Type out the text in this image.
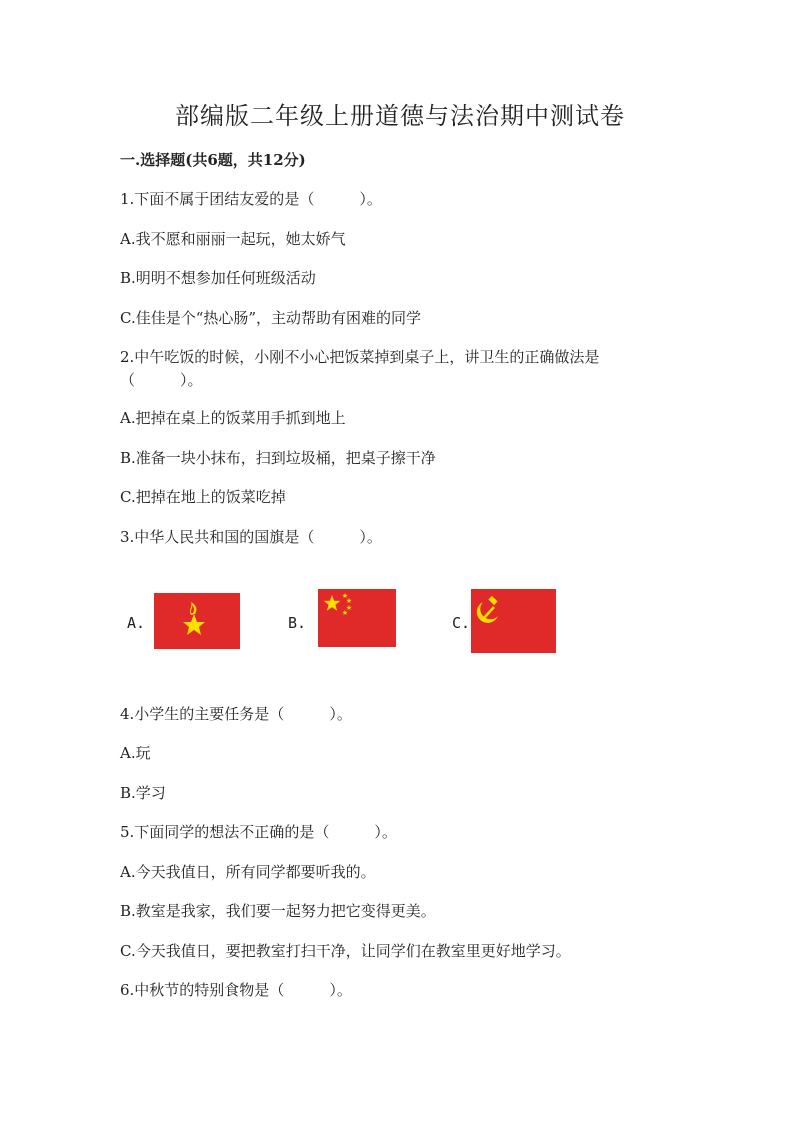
部编版二年级上册道德与法治期中测试卷

一.选择题(共6题，共12分)

1.下面不属于团结友爱的是（　　　）。

A.我不愿和丽丽一起玩，她太娇气

B.明明不想参加任何班级活动

C.佳佳是个“热心肠”，主动帮助有困难的同学

2.中午吃饭的时候，小刚不小心把饭菜掉到桌子上，讲卫生的正确做法是

（　　　）。

A.把掉在桌上的饭菜用手抓到地上

B.准备一块小抹布，扫到垃圾桶，把桌子擦干净

C.把掉在地上的饭菜吃掉

3.中华人民共和国的国旗是（　　　）。

A.	B.	C.

4.小学生的主要任务是（　　　）。

A.玩

B.学习

5.下面同学的想法不正确的是（　　　）。

A.今天我值日，所有同学都要听我的。

B.教室是我家，我们要一起努力把它变得更美。

C.今天我值日，要把教室打扫干净，让同学们在教室里更好地学习。

6.中秋节的特别食物是（　　　）。
